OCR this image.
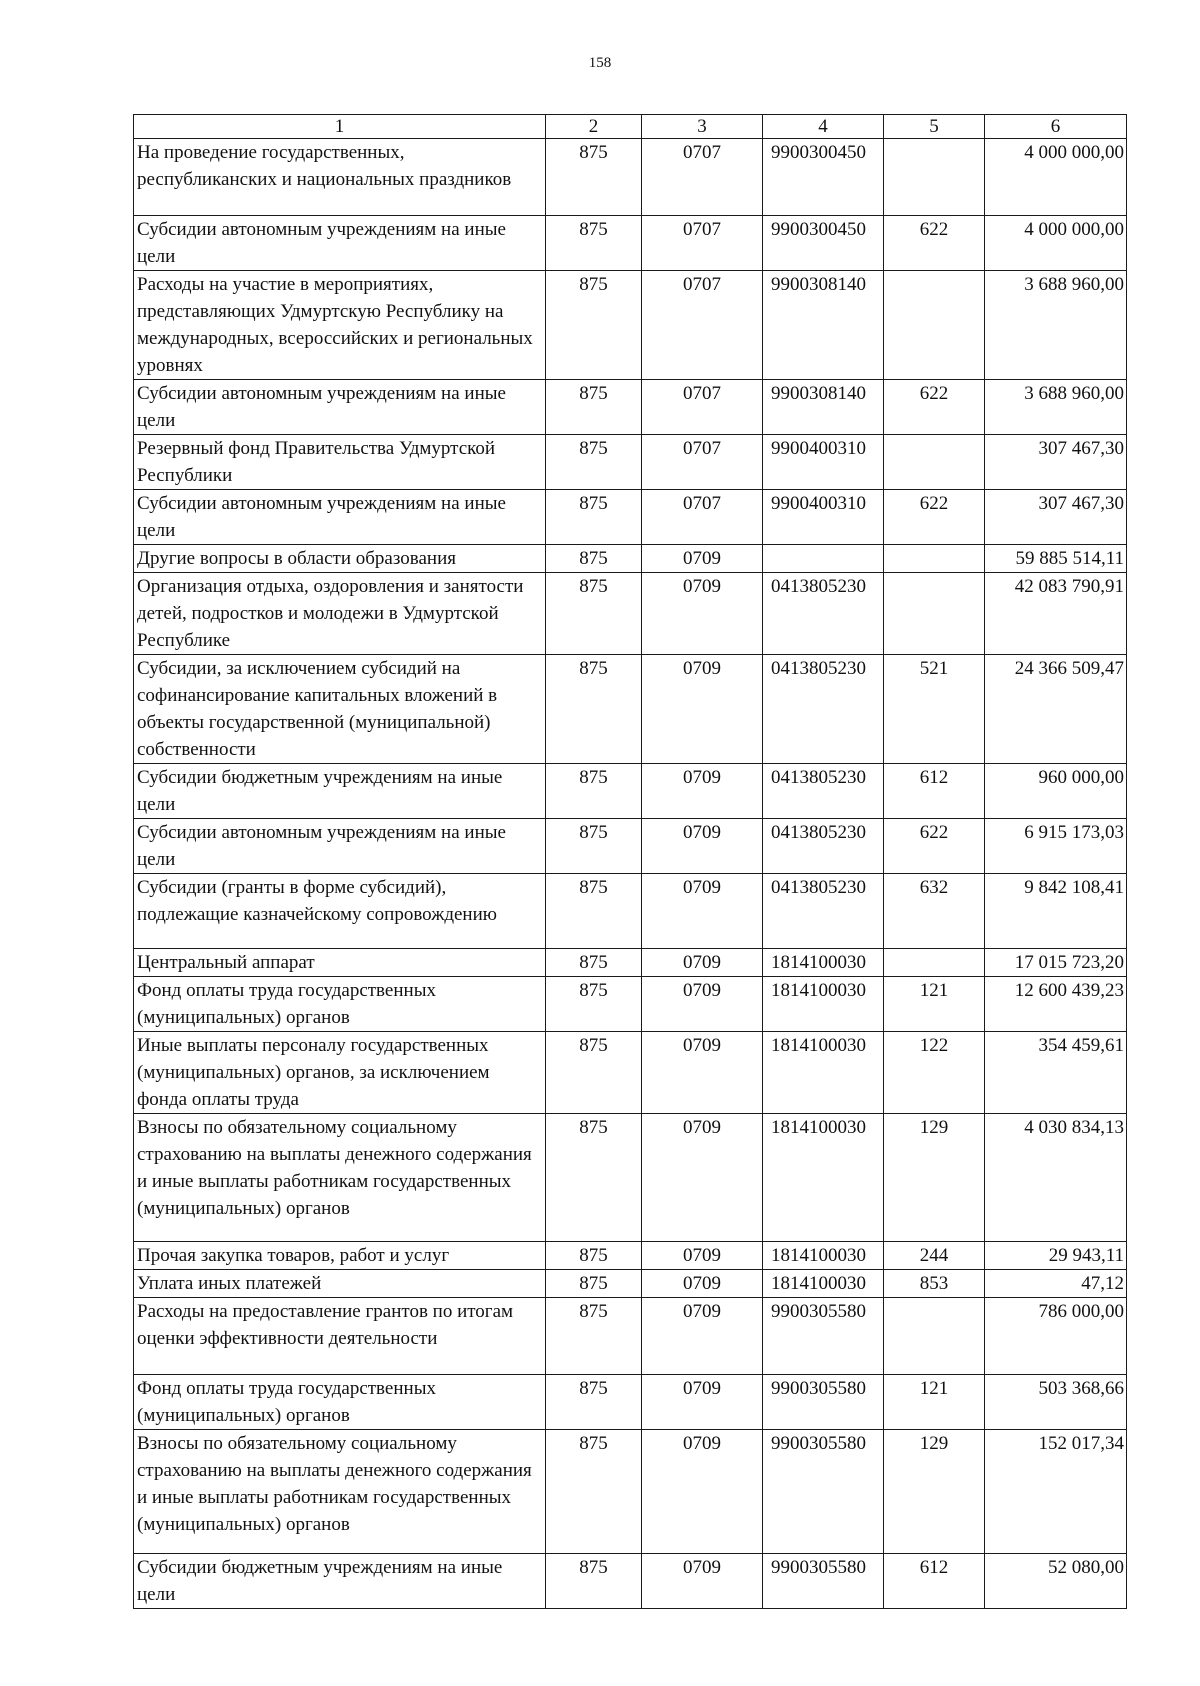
158
1	2	3	4	5	6
На проведение государственных, республиканских и национальных праздников	875	0707	9900300450		4 000 000,00
Субсидии автономным учреждениям на иные цели	875	0707	9900300450	622	4 000 000,00
Расходы на участие в мероприятиях, представляющих Удмуртскую Республику на международных, всероссийских и региональных уровнях	875	0707	9900308140		3 688 960,00
Субсидии автономным учреждениям на иные цели	875	0707	9900308140	622	3 688 960,00
Резервный фонд Правительства Удмуртской Республики	875	0707	9900400310		307 467,30
Субсидии автономным учреждениям на иные цели	875	0707	9900400310	622	307 467,30
Другие вопросы в области образования	875	0709			59 885 514,11
Организация отдыха, оздоровления и занятости детей, подростков и молодежи в Удмуртской Республике	875	0709	0413805230		42 083 790,91
Субсидии, за исключением субсидий на софинансирование капитальных вложений в объекты государственной (муниципальной) собственности	875	0709	0413805230	521	24 366 509,47
Субсидии бюджетным учреждениям на иные цели	875	0709	0413805230	612	960 000,00
Субсидии автономным учреждениям на иные цели	875	0709	0413805230	622	6 915 173,03
Субсидии (гранты в форме субсидий), подлежащие казначейскому сопровождению	875	0709	0413805230	632	9 842 108,41
Центральный аппарат	875	0709	1814100030		17 015 723,20
Фонд оплаты труда государственных (муниципальных) органов	875	0709	1814100030	121	12 600 439,23
Иные выплаты персоналу государственных (муниципальных) органов, за исключением фонда оплаты труда	875	0709	1814100030	122	354 459,61
Взносы по обязательному социальному страхованию на выплаты денежного содержания и иные выплаты работникам государственных (муниципальных) органов	875	0709	1814100030	129	4 030 834,13
Прочая закупка товаров, работ и услуг	875	0709	1814100030	244	29 943,11
Уплата иных платежей	875	0709	1814100030	853	47,12
Расходы на предоставление грантов по итогам оценки эффективности деятельности	875	0709	9900305580		786 000,00
Фонд оплаты труда государственных (муниципальных) органов	875	0709	9900305580	121	503 368,66
Взносы по обязательному социальному страхованию на выплаты денежного содержания и иные выплаты работникам государственных (муниципальных) органов	875	0709	9900305580	129	152 017,34
Субсидии бюджетным учреждениям на иные цели	875	0709	9900305580	612	52 080,00
